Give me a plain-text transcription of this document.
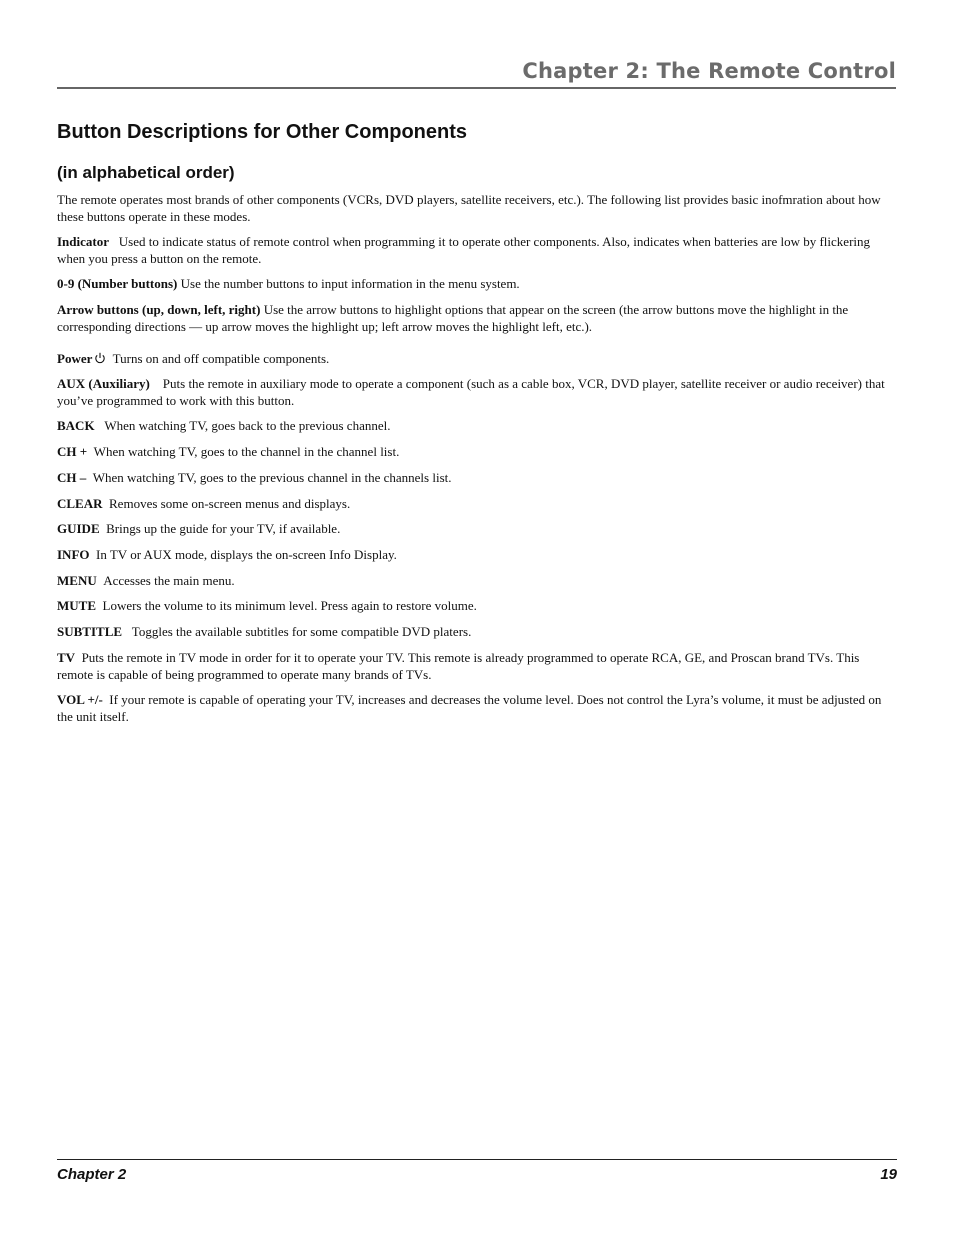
Chapter 2: The Remote Control
Button Descriptions for Other Components
(in alphabetical order)

The remote operates most brands of other components (VCRs, DVD players, satellite receivers, etc.). The following list provides basic inofmration about how these buttons operate in these modes.

Indicator Used to indicate status of remote control when programming it to operate other components. Also, indicates when batteries are low by flickering when you press a button on the remote.

0-9 (Number buttons) Use the number buttons to input information in the menu system.

Arrow buttons (up, down, left, right) Use the arrow buttons to highlight options that appear on the screen (the arrow buttons move the highlight in the corresponding directions — up arrow moves the highlight up; left arrow moves the highlight left, etc.).

Power Turns on and off compatible components.

AUX (Auxiliary) Puts the remote in auxiliary mode to operate a component (such as a cable box, VCR, DVD player, satellite receiver or audio receiver) that you’ve programmed to work with this button.

BACK When watching TV, goes back to the previous channel.

CH + When watching TV, goes to the channel in the channel list.

CH – When watching TV, goes to the previous channel in the channels list.

CLEAR Removes some on-screen menus and displays.

GUIDE Brings up the guide for your TV, if available.

INFO In TV or AUX mode, displays the on-screen Info Display.

MENU Accesses the main menu.

MUTE Lowers the volume to its minimum level. Press again to restore volume.

SUBTITLE Toggles the available subtitles for some compatible DVD platers.

TV Puts the remote in TV mode in order for it to operate your TV. This remote is already programmed to operate RCA, GE, and Proscan brand TVs. This remote is capable of being programmed to operate many brands of TVs.

VOL +/- If your remote is capable of operating your TV, increases and decreases the volume level. Does not control the Lyra’s volume, it must be adjusted on the unit itself.

Chapter 2	19
